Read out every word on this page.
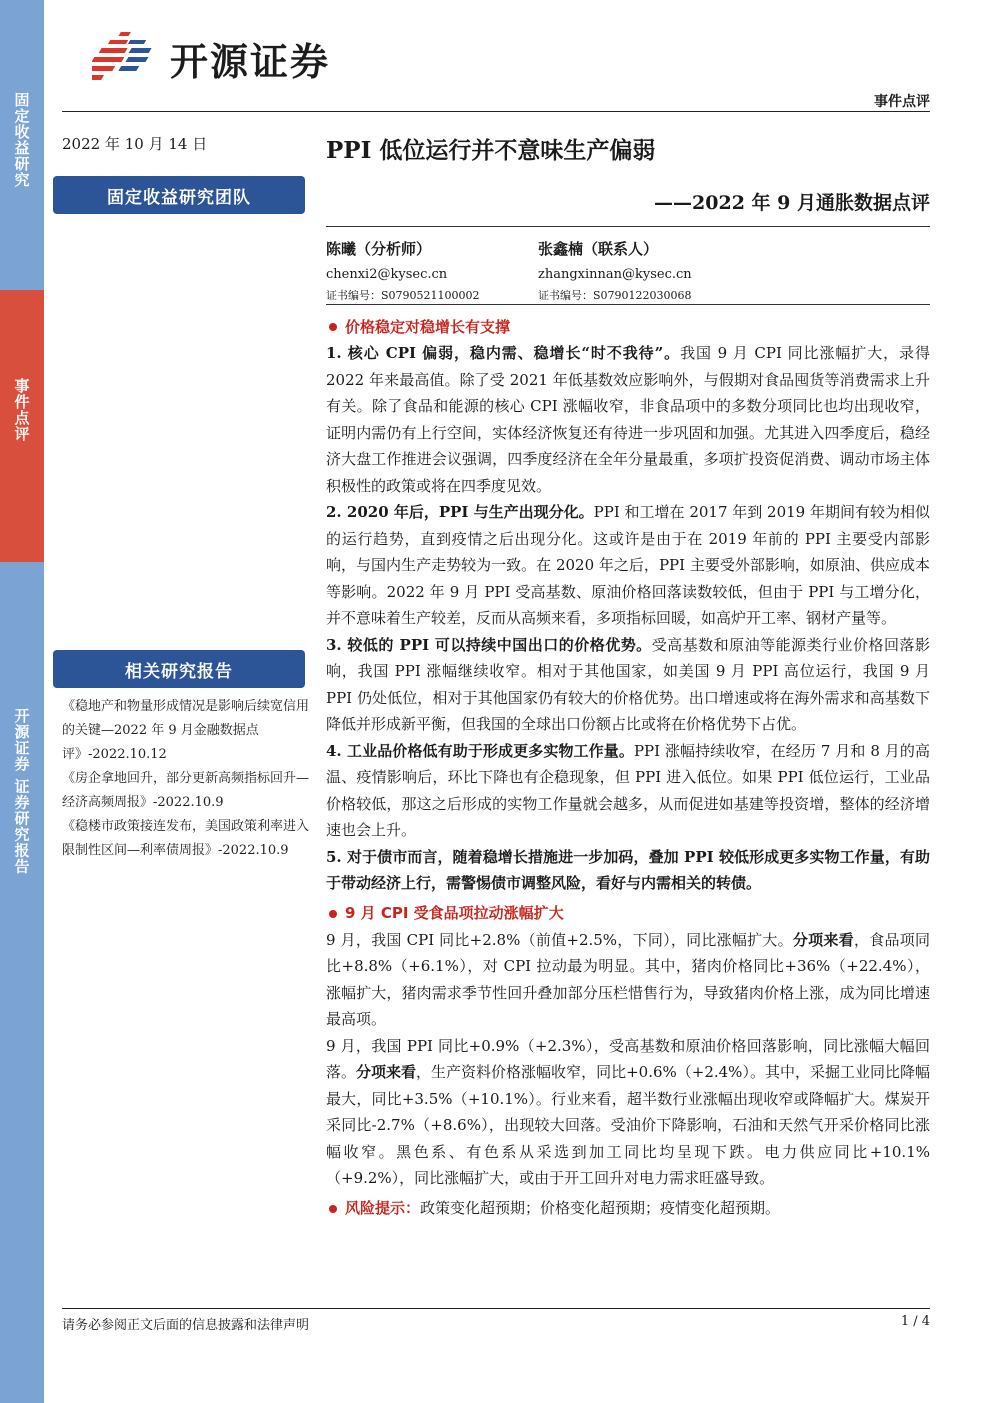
固定收益研究
事件点评
开源证券 证券研究报告
开源证券
事件点评
2022 年 10 月 14 日
固定收益研究团队
相关研究报告
《稳地产和物量形成情况是影响后续宽信用的关键—2022 年 9 月金融数据点评》-2022.10.12
《房企拿地回升，部分更新高频指标回升—经济高频周报》-2022.10.9
《稳楼市政策接连发布，美国政策利率进入限制性区间—利率债周报》-2022.10.9
PPI 低位运行并不意味生产偏弱
——2022 年 9 月通胀数据点评
陈曦（分析师）
chenxi2@kysec.cn
证书编号：S0790521100002
张鑫楠（联系人）
zhangxinnan@kysec.cn
证书编号：S0790122030068
价格稳定对稳增长有支撑

1. 核心 CPI 偏弱，稳内需、稳增长“时不我待”。我国 9 月 CPI 同比涨幅扩大，录得 2022 年来最高值。除了受 2021 年低基数效应影响外，与假期对食品囤货等消费需求上升有关。除了食品和能源的核心 CPI 涨幅收窄，非食品项中的多数分项同比也均出现收窄，证明内需仍有上行空间，实体经济恢复还有待进一步巩固和加强。尤其进入四季度后，稳经济大盘工作推进会议强调，四季度经济在全年分量最重，多项扩投资促消费、调动市场主体积极性的政策或将在四季度见效。

2. 2020 年后，PPI 与生产出现分化。PPI 和工增在 2017 年到 2019 年期间有较为相似的运行趋势，直到疫情之后出现分化。这或许是由于在 2019 年前的 PPI 主要受内部影响，与国内生产走势较为一致。在 2020 年之后，PPI 主要受外部影响，如原油、供应成本等影响。2022 年 9 月 PPI 受高基数、原油价格回落读数较低，但由于 PPI 与工增分化，并不意味着生产较差，反而从高频来看，多项指标回暖，如高炉开工率、钢材产量等。

3. 较低的 PPI 可以持续中国出口的价格优势。受高基数和原油等能源类行业价格回落影响，我国 PPI 涨幅继续收窄。相对于其他国家，如美国 9 月 PPI 高位运行，我国 9 月 PPI 仍处低位，相对于其他国家仍有较大的价格优势。出口增速或将在海外需求和高基数下降低并形成新平衡，但我国的全球出口份额占比或将在价格优势下占优。

4. 工业品价格低有助于形成更多实物工作量。PPI 涨幅持续收窄，在经历 7 月和 8 月的高温、疫情影响后，环比下降也有企稳现象，但 PPI 进入低位。如果 PPI 低位运行，工业品价格较低，那这之后形成的实物工作量就会越多，从而促进如基建等投资增，整体的经济增速也会上升。

5. 对于债市而言，随着稳增长措施进一步加码，叠加 PPI 较低形成更多实物工作量，有助于带动经济上行，需警惕债市调整风险，看好与内需相关的转债。

9 月 CPI 受食品项拉动涨幅扩大

9 月，我国 CPI 同比+2.8%（前值+2.5%，下同），同比涨幅扩大。分项来看，食品项同比+8.8%（+6.1%），对 CPI 拉动最为明显。其中，猪肉价格同比+36%（+22.4%），涨幅扩大，猪肉需求季节性回升叠加部分压栏惜售行为，导致猪肉价格上涨，成为同比增速最高项。

9 月，我国 PPI 同比+0.9%（+2.3%），受高基数和原油价格回落影响，同比涨幅大幅回落。分项来看，生产资料价格涨幅收窄，同比+0.6%（+2.4%）。其中，采掘工业同比降幅最大，同比+3.5%（+10.1%）。行业来看，超半数行业涨幅出现收窄或降幅扩大。煤炭开采同比-2.7%（+8.6%），出现较大回落。受油价下降影响，石油和天然气开采价格同比涨幅收窄。黑色系、有色系从采选到加工同比均呈现下跌。电力供应同比+10.1%（+9.2%），同比涨幅扩大，或由于开工回升对电力需求旺盛导致。

风险提示： 政策变化超预期；价格变化超预期；疫情变化超预期。
请务必参阅正文后面的信息披露和法律声明	1 / 4
